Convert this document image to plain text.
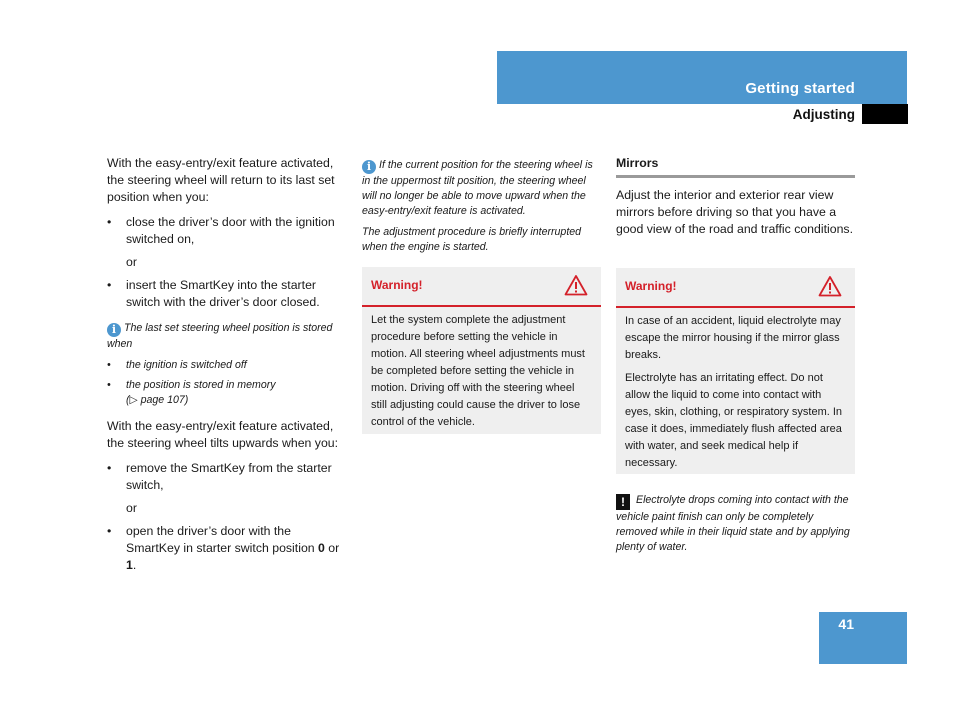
Getting started
Adjusting

With the easy-entry/exit feature activated, the steering wheel will return to its last set position when you:

• close the driver’s door with the ignition switched on,

or

• insert the SmartKey into the starter switch with the driver’s door closed.

i The last set steering wheel position is stored when

• the ignition is switched off

• the position is stored in memory
(▷ page 107)

With the easy-entry/exit feature activated, the steering wheel tilts upwards when you:

• remove the SmartKey from the starter switch,

or

• open the driver’s door with the SmartKey in starter switch position 0 or 1.

i If the current position for the steering wheel is in the uppermost tilt position, the steering wheel will no longer be able to move upward when the easy-entry/exit feature is activated.

The adjustment procedure is briefly interrupted when the engine is started.

Warning!

Let the system complete the adjustment procedure before setting the vehicle in motion. All steering wheel adjustments must be completed before setting the vehicle in motion. Driving off with the steering wheel still adjusting could cause the driver to lose control of the vehicle.

Mirrors

Adjust the interior and exterior rear view mirrors before driving so that you have a good view of the road and traffic conditions.

Warning!

In case of an accident, liquid electrolyte may escape the mirror housing if the mirror glass breaks.

Electrolyte has an irritating effect. Do not allow the liquid to come into contact with eyes, skin, clothing, or respiratory system. In case it does, immediately flush affected area with water, and seek medical help if necessary.

! Electrolyte drops coming into contact with the vehicle paint finish can only be completely removed while in their liquid state and by applying plenty of water.

41
